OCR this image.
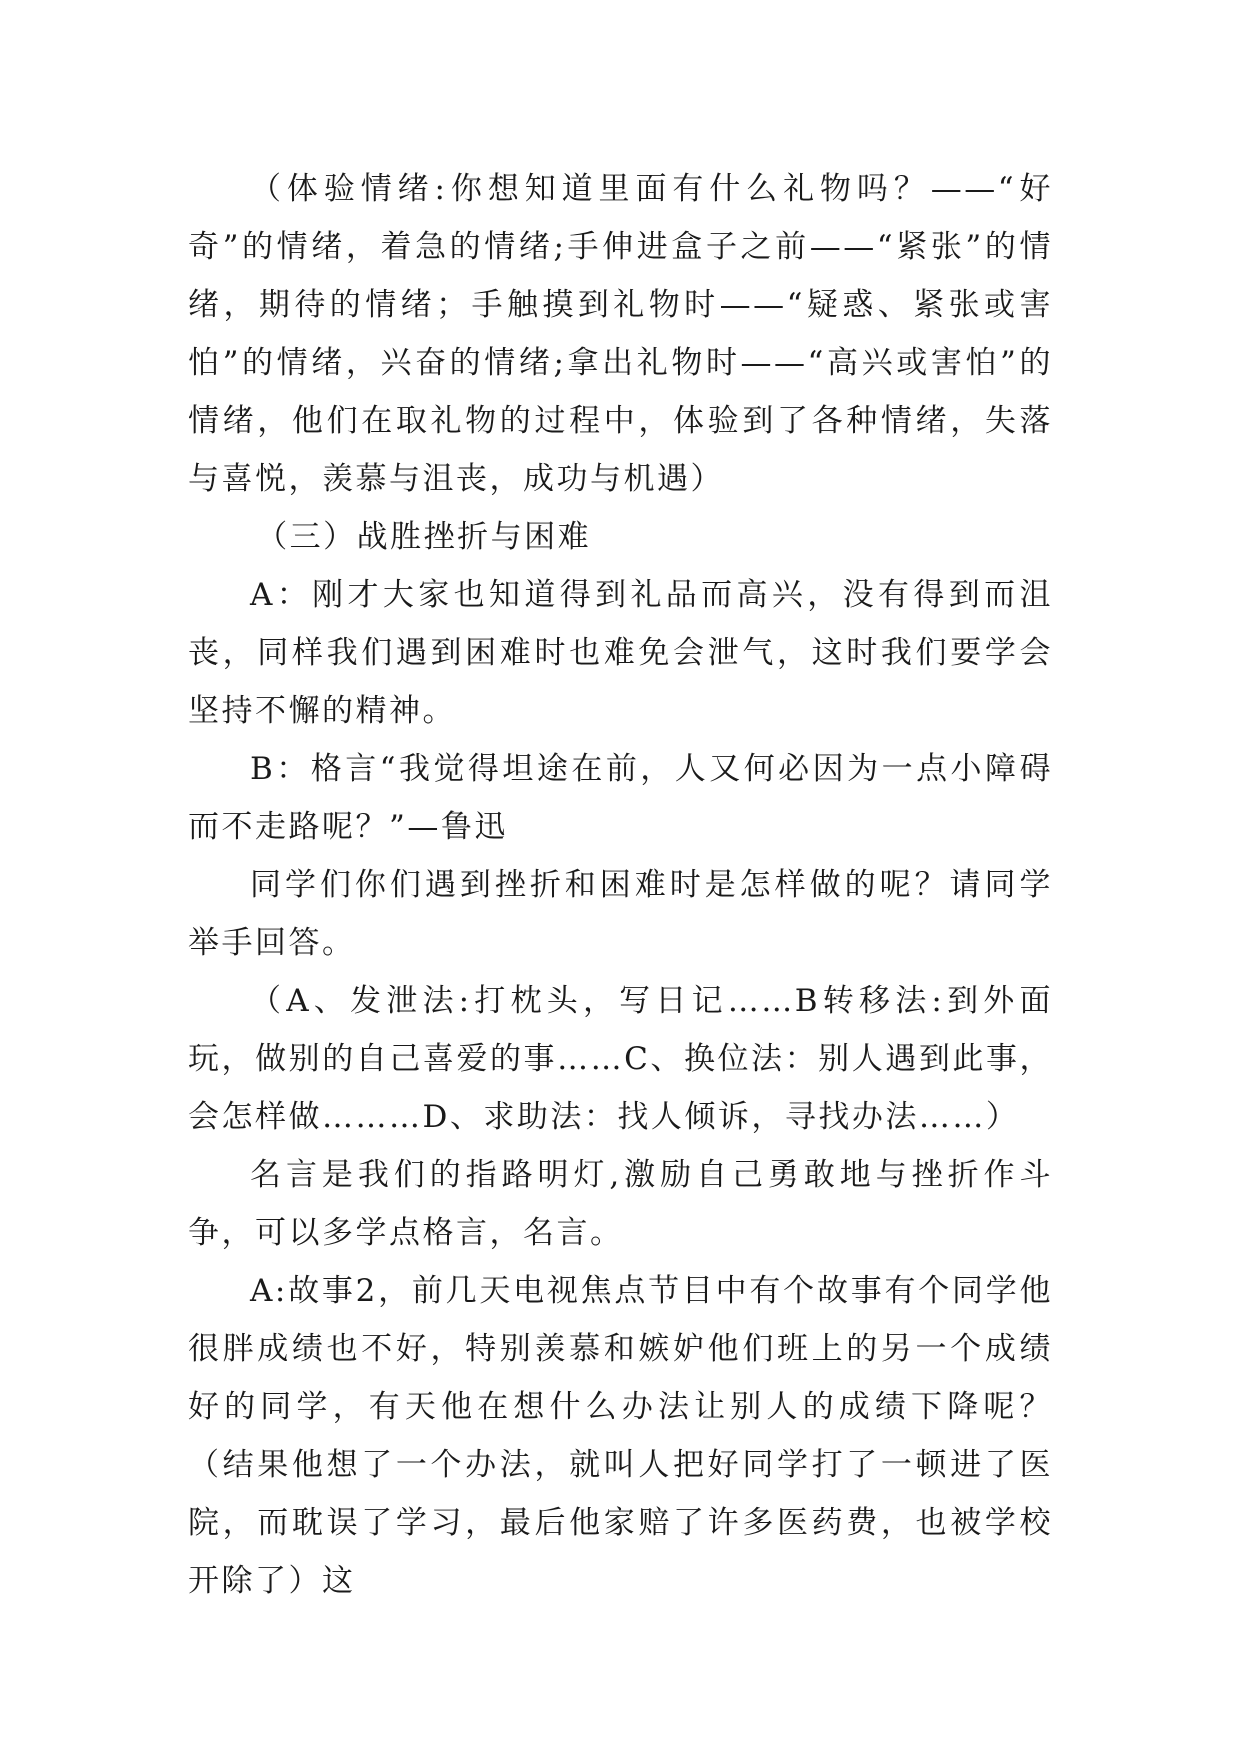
（体验情绪:你想知道里面有什么礼物吗？——“好奇”的情绪，着急的情绪;手伸进盒子之前——“紧张”的情绪，期待的情绪；手触摸到礼物时——“疑惑、紧张或害怕”的情绪，兴奋的情绪;拿出礼物时——“高兴或害怕”的情绪，他们在取礼物的过程中，体验到了各种情绪，失落与喜悦，羡慕与沮丧，成功与机遇）

（三）战胜挫折与困难

A：刚才大家也知道得到礼品而高兴，没有得到而沮丧，同样我们遇到困难时也难免会泄气，这时我们要学会坚持不懈的精神。

B：格言“我觉得坦途在前，人又何必因为一点小障碍而不走路呢？”—鲁迅

同学们你们遇到挫折和困难时是怎样做的呢？请同学举手回答。

（A、发泄法:打枕头，写日记……B转移法:到外面玩，做别的自己喜爱的事……C、换位法：别人遇到此事，会怎样做………D、求助法：找人倾诉，寻找办法……）

名言是我们的指路明灯,激励自己勇敢地与挫折作斗争，可以多学点格言，名言。

A:故事2，前几天电视焦点节目中有个故事有个同学他很胖成绩也不好，特别羡慕和嫉妒他们班上的另一个成绩好的同学，有天他在想什么办法让别人的成绩下降呢？（结果他想了一个办法，就叫人把好同学打了一顿进了医院，而耽误了学习，最后他家赔了许多医药费，也被学校开除了）这
